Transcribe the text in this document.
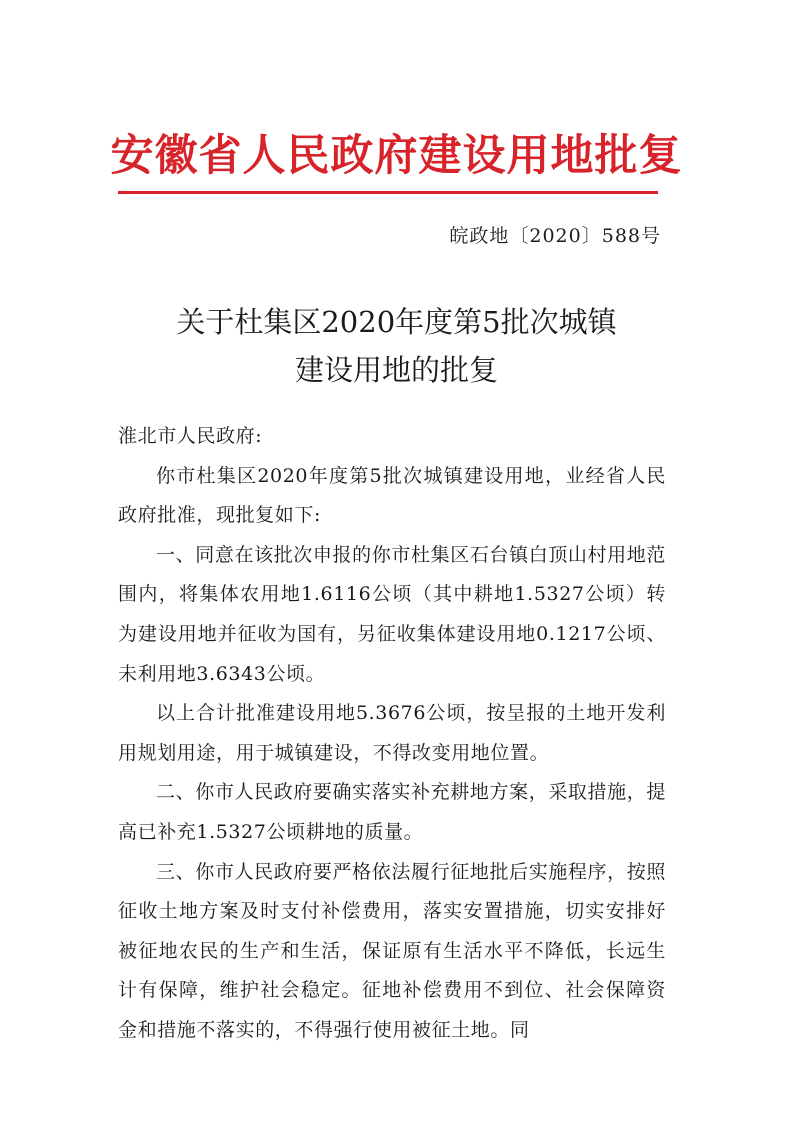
安徽省人民政府建设用地批复
皖政地〔2020〕588号
关于杜集区2020年度第5批次城镇
建设用地的批复

淮北市人民政府:

你市杜集区2020年度第5批次城镇建设用地，业经省人民政府批准，现批复如下:

一、同意在该批次申报的你市杜集区石台镇白顶山村用地范围内，将集体农用地1.6116公顷（其中耕地1.5327公顷）转为建设用地并征收为国有，另征收集体建设用地0.1217公顷、未利用地3.6343公顷。

以上合计批准建设用地5.3676公顷，按呈报的土地开发利用规划用途，用于城镇建设，不得改变用地位置。

二、你市人民政府要确实落实补充耕地方案，采取措施，提高已补充1.5327公顷耕地的质量。

三、你市人民政府要严格依法履行征地批后实施程序，按照征收土地方案及时支付补偿费用，落实安置措施，切实安排好被征地农民的生产和生活，保证原有生活水平不降低，长远生计有保障，维护社会稳定。征地补偿费用不到位、社会保障资金和措施不落实的，不得强行使用被征土地。同
